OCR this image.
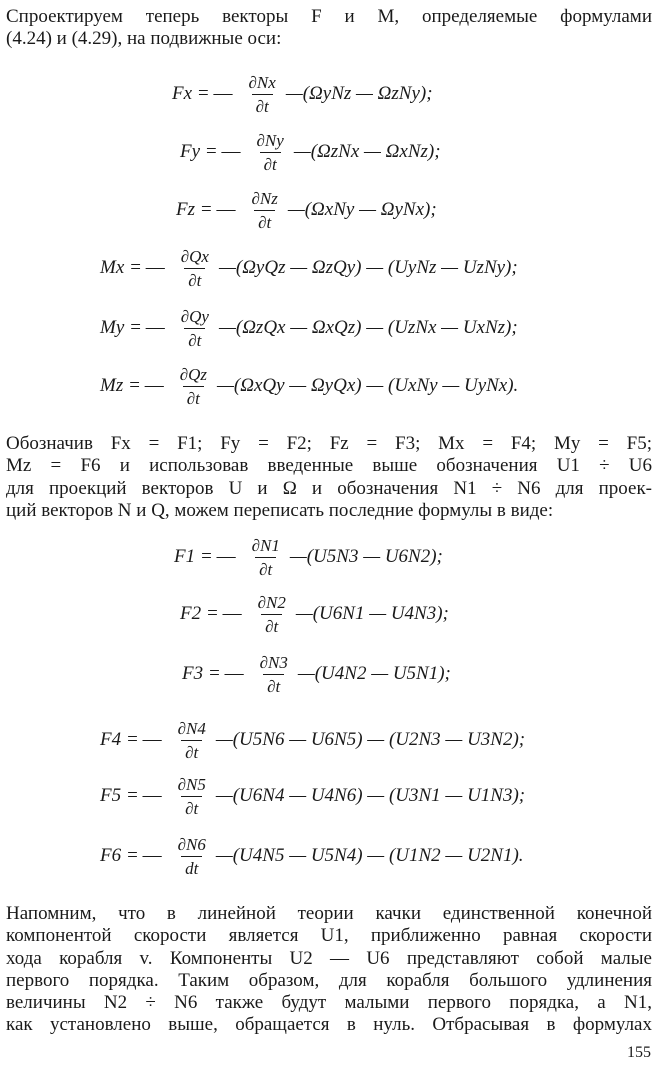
Спроектируем теперь векторы F и M, определяемые формулами
(4.24) и (4.29), на подвижные оси:
Fx = — $\frac{\partial Nx}{\partial t}$ —(ΩyNz — ΩzNy);
Fy = — $\frac{\partial Ny}{\partial t}$ —(ΩzNx — ΩxNz);
Fz = — $\frac{\partial Nz}{\partial t}$ —(ΩxNy — ΩyNx);
Mx = — $\frac{\partial Qx}{\partial t}$ —(ΩyQz — ΩzQy) — (UyNz — UzNy);
My = — $\frac{\partial Qy}{\partial t}$ —(ΩzQx — ΩxQz) — (UzNx — UxNz);
Mz = — $\frac{\partial Qz}{\partial t}$ —(ΩxQy — ΩyQx) — (UxNy — UyNx).
Обозначив Fx = F1; Fy = F2; Fz = F3; Mx = F4; My = F5;
Mz = F6 и использовав введенные выше обозначения U1 ÷ U6
для проекций векторов U и Ω и обозначения N1 ÷ N6 для проек-
ций векторов N и Q, можем переписать последние формулы в виде:
F1 = — $\frac{\partial N1}{\partial t}$ —(U5N3 — U6N2);
F2 = — $\frac{\partial N2}{\partial t}$ —(U6N1 — U4N3);
F3 = — $\frac{\partial N3}{\partial t}$ —(U4N2 — U5N1);
F4 = — $\frac{\partial N4}{\partial t}$ —(U5N6 — U6N5) — (U2N3 — U3N2);
F5 = — $\frac{\partial N5}{\partial t}$ —(U6N4 — U4N6) — (U3N1 — U1N3);
F6 = — $\frac{\partial N6}{dt}$ —(U4N5 — U5N4) — (U1N2 — U2N1).
Напомним, что в линейной теории качки единственной конечной
компонентой скорости является U1, приближенно равная скорости
хода корабля v. Компоненты U2 — U6 представляют собой малые
первого порядка. Таким образом, для корабля большого удлинения
величины N2 ÷ N6 также будут малыми первого порядка, а N1,
как установлено выше, обращается в нуль. Отбрасывая в формулах
155
